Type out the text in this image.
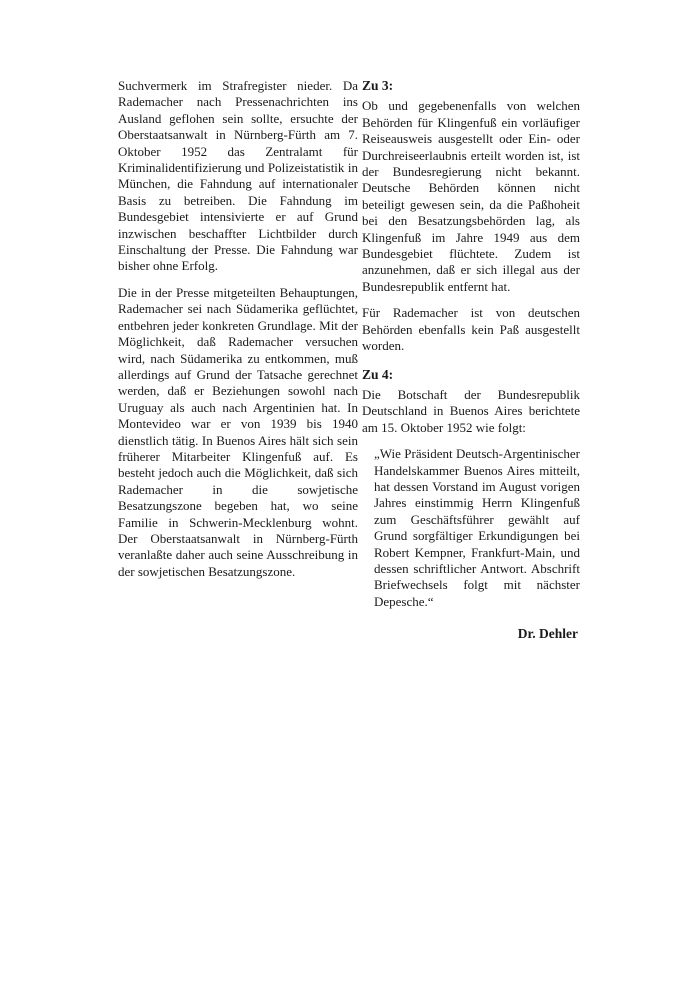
Suchvermerk im Strafregister nieder. Da Rademacher nach Pressenachrichten ins Ausland geflohen sein sollte, ersuchte der Oberstaatsanwalt in Nürnberg-Fürth am 7. Oktober 1952 das Zentralamt für Kriminalidentifizierung und Polizeistatistik in München, die Fahndung auf internationaler Basis zu betreiben. Die Fahndung im Bundesgebiet intensivierte er auf Grund inzwischen beschaffter Lichtbilder durch Einschaltung der Presse. Die Fahndung war bisher ohne Erfolg.

Die in der Presse mitgeteilten Behauptungen, Rademacher sei nach Südamerika geflüchtet, entbehren jeder konkreten Grundlage. Mit der Möglichkeit, daß Rademacher versuchen wird, nach Südamerika zu entkommen, muß allerdings auf Grund der Tatsache gerechnet werden, daß er Beziehungen sowohl nach Uruguay als auch nach Argentinien hat. In Montevideo war er von 1939 bis 1940 dienstlich tätig. In Buenos Aires hält sich sein früherer Mitarbeiter Klingenfuß auf. Es besteht jedoch auch die Möglichkeit, daß sich Rademacher in die sowjetische Besatzungszone begeben hat, wo seine Familie in Schwerin-Mecklenburg wohnt. Der Oberstaatsanwalt in Nürnberg-Fürth veranlaßte daher auch seine Ausschreibung in der sowjetischen Besatzungszone.

Zu 3:

Ob und gegebenenfalls von welchen Behörden für Klingenfuß ein vorläufiger Reiseausweis ausgestellt oder Ein- oder Durchreiseerlaubnis erteilt worden ist, ist der Bundesregierung nicht bekannt. Deutsche Behörden können nicht beteiligt gewesen sein, da die Paßhoheit bei den Besatzungsbehörden lag, als Klingenfuß im Jahre 1949 aus dem Bundesgebiet flüchtete. Zudem ist anzunehmen, daß er sich illegal aus der Bundesrepublik entfernt hat.

Für Rademacher ist von deutschen Behörden ebenfalls kein Paß ausgestellt worden.

Zu 4:

Die Botschaft der Bundesrepublik Deutschland in Buenos Aires berichtete am 15. Oktober 1952 wie folgt:

„Wie Präsident Deutsch-Argentinischer Handelskammer Buenos Aires mitteilt, hat dessen Vorstand im August vorigen Jahres einstimmig Herrn Klingenfuß zum Geschäftsführer gewählt auf Grund sorgfältiger Erkundigungen bei Robert Kempner, Frankfurt-Main, und dessen schriftlicher Antwort. Abschrift Briefwechsels folgt mit nächster Depesche.“

Dr. Dehler
